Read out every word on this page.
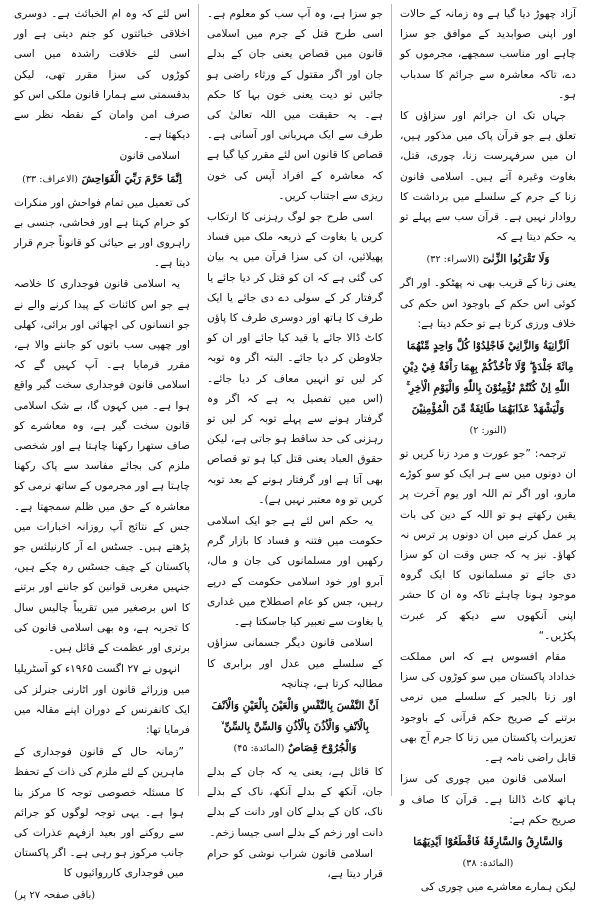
آزاد چھوڑ دیا گیا ہے وہ زمانہ کے حالات اور اپنی صوابدید کے موافق جو سزا چاہے اور مناسب سمجھے، مجرموں کو دے، تاکہ معاشرہ سے جرائم کا سدباب ہو۔

جہاں تک ان جرائم اور سزاؤں کا تعلق ہے جو قرآن پاک میں مذکور ہیں، ان میں سرفہرست زنا، چوری، قتل، بغاوت وغیرہ آتے ہیں۔ اسلامی قانون زنا کے جرم کے سلسلے میں برداشت کا روادار نہیں ہے۔ قرآن سب سے پہلے تو یہ حکم دیتا ہے کہ

وَلَا تَقْرَبُوا الزِّنٰىٓ (الاسراء: ۳۲)

یعنی زنا کے قریب بھی نہ پھٹکو۔ اور اگر کوئی اس حکم کے باوجود اس حکم کی خلاف ورزی کرتا ہے تو حکم دیتا ہے:

اَلزَّانِيَةُ وَالزَّانِيْ فَاجْلِدُوْا كُلَّ وَاحِدٍ مِّنْهُمَا مِائَةَ جَلْدَةٍ ۖ وَّلَا تَاْخُذْكُمْ بِهِمَا رَاْفَةٌ فِيْ دِيْنِ اللّٰهِ اِنْ كُنْتُمْ تُؤْمِنُوْنَ بِاللّٰهِ وَالْيَوْمِ الْاٰخِرِ ۚ وَلْيَشْهَدْ عَذَابَهُمَا طَائِفَةٌ مِّنَ الْمُؤْمِنِيْنَ (النور: ۲)

ترجمہ: ”جو عورت و مرد زنا کریں تو ان دونوں میں سے ہر ایک کو سو کوڑے مارو، اور اگر تم اللہ اور یوم آخرت پر یقین رکھتے ہو تو اللہ کے دین کی بات پر عمل کرنے میں ان دونوں پر ترس نہ کھاؤ۔ نیز یہ کہ جس وقت ان کو سزا دی جائے تو مسلمانوں کا ایک گروہ موجود ہونا چاہئے تاکہ وہ ان کا حشر اپنی آنکھوں سے دیکھ کر عبرت پکڑیں۔“

مقام افسوس ہے کہ اس مملکت خداداد پاکستان میں سو کوڑوں کی سزا اور زنا بالجبر کے سلسلے میں نرمی برتنے کے صریح حکم قرآنی کے باوجود تعزیرات پاکستان میں زنا کا جرم آج بھی قابل راضی نامہ ہے۔

اسلامی قانون میں چوری کی سزا ہاتھ کاٹ ڈالنا ہے۔ قرآن کا صاف و صریح حکم ہے:

وَالسَّارِقُ وَالسَّارِقَةُ فَاقْطَعُوْٓا اَيْدِيَهُمَا (المائدة: ۳۸)

لیکن ہمارے معاشرے میں چوری کی

جو سزا ہے، وہ آپ سب کو معلوم ہے۔ اسی طرح قتل کے جرم میں اسلامی قانون میں قصاص یعنی جان کے بدلے جان اور اگر مقتول کے ورثاء راضی ہو جائیں تو دیت یعنی خون بہا کا حکم ہے۔ یہ حقیقت میں اللہ تعالیٰ کی طرف سے ایک مہربانی اور آسانی ہے۔ قصاص کا قانون اس لئے مقرر کیا گیا ہے کہ معاشرہ کے افراد آپس کی خون ریزی سے اجتناب کریں۔

اسی طرح جو لوگ رہزنی کا ارتکاب کریں یا بغاوت کے ذریعہ ملک میں فساد پھیلائیں، ان کی سزا قرآن میں یہ بیان کی گئی ہے کہ ان کو قتل کر دیا جائے یا گرفتار کر کے سولی دے دی جائے یا ایک طرف کا ہاتھ اور دوسری طرف کا پاؤں کاٹ ڈالا جائے یا قید کیا جائے اور ان کو جلاوطن کر دیا جائے۔ البتہ اگر وہ توبہ کر لیں تو انہیں معاف کر دیا جائے۔ (اس میں تفصیل یہ ہے کہ اگر وہ گرفتار ہونے سے پہلے توبہ کر لیں تو رہزنی کی حد ساقط ہو جاتی ہے، لیکن حقوق العباد یعنی قتل کیا ہو تو قصاص بھی آتا ہے اور گرفتار ہونے کے بعد توبہ کریں تو وہ معتبر نہیں ہے)۔

یہ حکم اس لئے ہے جو ایک اسلامی حکومت میں فتنہ و فساد کا بازار گرم رکھیں اور مسلمانوں کی جان و مال، آبرو اور خود اسلامی حکومت کے درپے رہیں، جس کو عام اصطلاح میں غداری یا بغاوت سے تعبیر کیا جاسکتا ہے۔

اسلامی قانون دیگر جسمانی سزاؤں کے سلسلے میں عدل اور برابری کا مطالبہ کرتا ہے، چنانچہ

اَنَّ النَّفْسَ بِالنَّفْسِ وَالْعَيْنَ بِالْعَيْنِ وَالْاَنْفَ بِالْاَنْفِ وَالْاُذُنَ بِالْاُذُنِ وَالسِّنَّ بِالسِّنِّ ۙ وَالْجُرُوْحَ قِصَاصٌ (المائدة: ۴۵)

کا قائل ہے، یعنی یہ کہ جان کے بدلے جان، آنکھ کے بدلے آنکھ، ناک کے بدلے ناک، کان کے بدلے کان اور دانت کے بدلے دانت اور زخم کے بدلے اسی جیسا زخم۔

اسلامی قانون شراب نوشی کو حرام قرار دیتا ہے،

اس لئے کہ وہ ام الخبائث ہے۔ دوسری اخلاقی خباثتوں کو جنم دیتی ہے اور اسی لئے خلافت راشدہ میں اسی کوڑوں کی سزا مقرر تھی، لیکن بدقسمتی سے ہمارا قانون ملکی اس کو صرف امن وامان کے نقطہ نظر سے دیکھتا ہے۔

اسلامی قانون

اِنَّمَا حَرَّمَ رَبِّيَ الْفَوَاحِشَ (الاعراف: ۳۳)

کی تعمیل میں تمام فواحش اور منکرات کو حرام کہتا ہے اور فحاشی، جنسی بے راہروی اور بے حیائی کو قانوناً جرم قرار دیتا ہے۔

یہ اسلامی قانون فوجداری کا خلاصہ ہے جو اس کائنات کے پیدا کرنے والے نے جو انسانوں کی اچھائی اور برائی، کھلی اور چھپی سب باتوں کو جاننے والا ہے، مقرر فرمایا ہے۔ آپ کہیں گے کہ اسلامی قانون فوجداری سخت گیر واقع ہوا ہے۔ میں کہوں گا، بے شک اسلامی قانون سخت گیر ہے، وہ معاشرے کو صاف ستھرا رکھنا چاہتا ہے اور شخصی ملزم کی بجائے مفاسد سے پاک رکھنا چاہتا ہے اور مجرموں کے ساتھ نرمی کو معاشرہ کے حق میں ظلم سمجھتا ہے۔ جس کے نتائج آپ روزانہ اخبارات میں پڑھتے ہیں۔ جسٹس اے آر کارنیلئس جو پاکستان کے چیف جسٹس رہ چکے ہیں، جنہیں مغربی قوانین کو جاننے اور برتنے کا اس برصغیر میں تقریباً چالیس سال کا تجربہ ہے، وہ بھی اسلامی قانون کی برتری اور عظمت کے قائل ہیں۔

انہوں نے ۲۷ اگست ۱۹۶۵ء کو آسٹریلیا میں وزرائے قانون اور اٹارنی جنرلز کی ایک کانفرنس کے دوران اپنے مقالہ میں فرمایا تھا:

”زمانہ حال کے قانون فوجداری کے ماہرین کے لئے ملزم کی ذات کے تحفظ کا مسئلہ خصوصی توجہ کا مرکز بنا ہوا ہے۔ یہی توجہ لوگوں کو جرائم سے روکنے اور بعید ازفہم عذرات کی جانب مرکوز ہو رہی ہے۔ اگر پاکستان میں فوجداری کارروائیوں کا

(باقی صفحہ ۲۷ پر)
